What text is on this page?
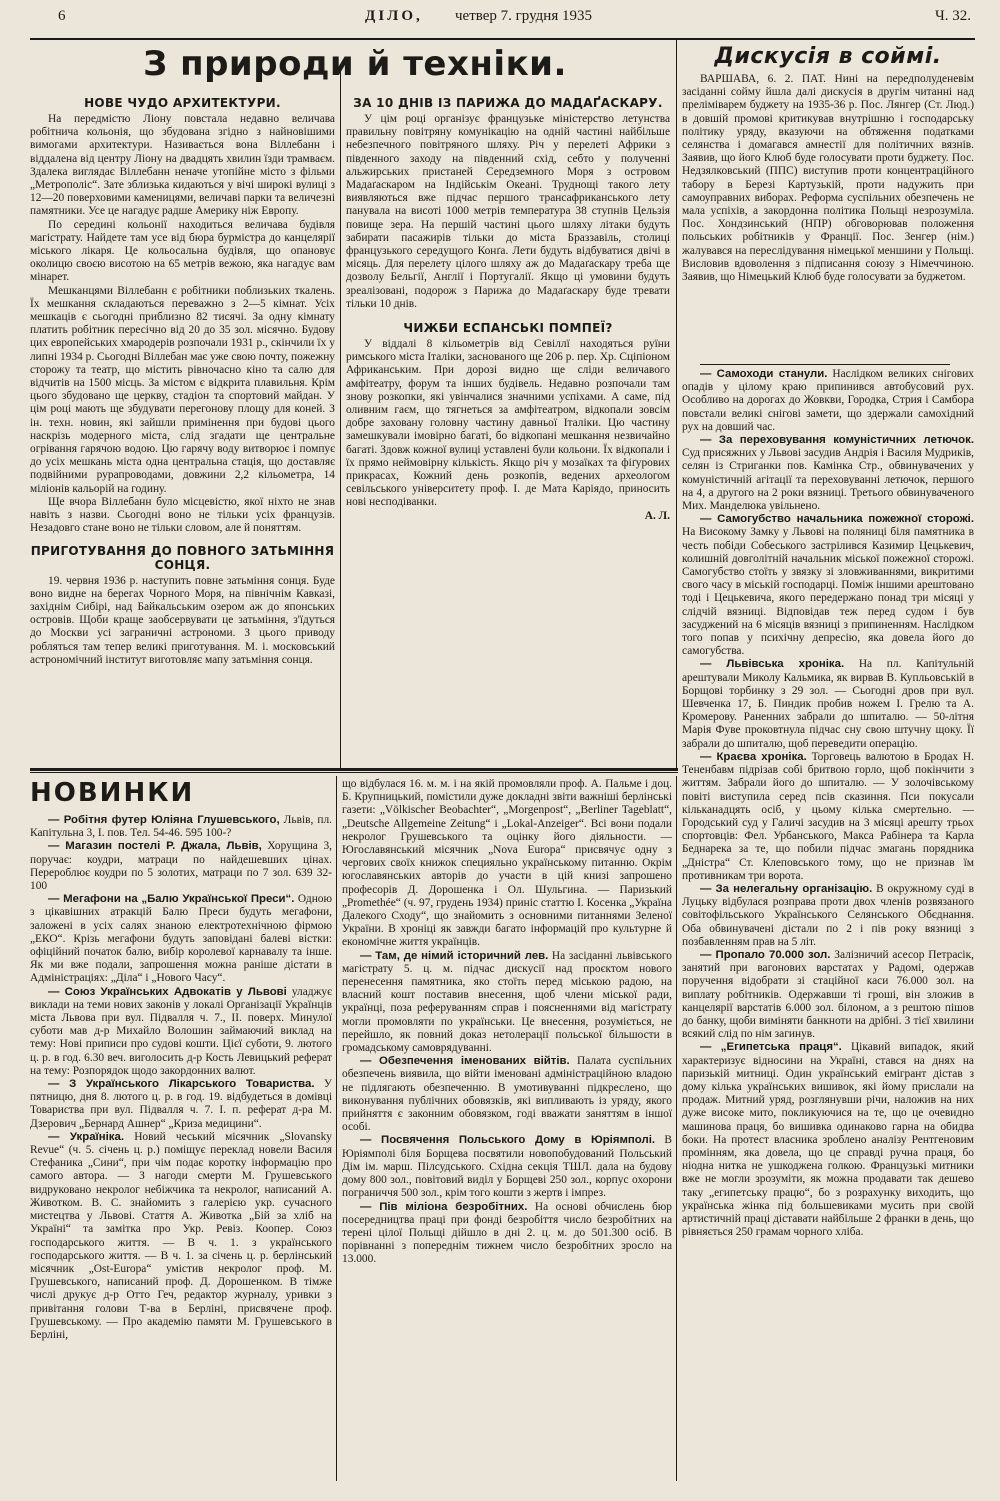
6	ДІЛО, четвер 7. грудня 1935	Ч. 32.
З природи й техніки.
НОВЕ ЧУДО АРХИТЕКТУРИ.

На передмістю Ліону повстала недавно величава робітнича кольонія, що збудована згідно з найновішими вимогами архитектури. Називається вона Віллебанн і віддалена від центру Ліону на двадцять хвилин їзди трамваєм. Здалека виглядає Віллебанн неначе утопійне місто з фільми „Метрополіс“. Зате зблизька кидаються у вічі широкі вулиці з 12—20 поверховими каменицями, величаві парки та величезні памятники. Усе це нагадує радше Америку ніж Европу.

По середині кольонії находиться величава будівля магістрату. Найдете там усе від бюра бурмістра до канцелярії міського лікаря. Це кольосальна будівля, що опановує околицю своєю висотою на 65 метрів вежою, яка нагадує вам мінарет.

Мешканцями Віллебанн є робітники поблизьких ткалень. Їх мешкання складаються переважно з 2—5 кімнат. Усіх мешкаців є сьогодні приблизно 82 тисячі. За одну кімнату платить робітник пересічно від 20 до 35 зол. місячно. Будову цих европейських хмародерів розпочали 1931 р., скінчили їх у липні 1934 р. Сьогодні Віллебан має уже свою почту, пожежну сторожу та театр, що містить рівночасно кіно та салю для відчитів на 1500 місць. За містом є відкрита плавильня. Крім цього збудовано ще церкву, стадіон та спортовий майдан. У цім році мають ще збудувати перегонову площу для коней. З ін. техн. новин, які зайшли примінення при будові цього наскрізь модерного міста, слід згадати ще центральне огрівання гарячою водою. Цю гарячу воду витворює і помпує до усіх мешкань міста одна центральна стація, що доставляє подвійними рурапроводами, довжини 2,2 кільометра, 14 міліонів кальорій на годину.

Ще вчора Віллебанн було місцевістю, якої ніхто не знав навіть з назви. Сьогодні воно не тільки усіх французів. Незадовго стане воно не тільки словом, але й поняттям.

ПРИГОТУВАННЯ ДО ПОВНОГО ЗАТЬМІННЯ СОНЦЯ.

19. червня 1936 р. наступить повне затьміння сонця. Буде воно видне на берегах Чорного Моря, на північнім Кавказі, західнім Сибірі, над Байкальським озером аж до японських островів. Щоби краще заобсервувати це затьміння, з'їдуться до Москви усі заграничні астрономи. З цього приводу робляться там тепер великі приготування. М. і. московський астрономічний інститут виготовляє мапу затьміння сонця.

ЗА 10 ДНІВ ІЗ ПАРИЖА ДО МАДАҐАСКАРУ.

У цім році організує французьке міністерство летунства правильну повітряну комунікацію на одній частині найбільше небезпечного повітряного шляху. Річ у перелеті Африки з південного заходу на південний схід, себто у полученні альжирських пристаней Середземного Моря з островом Мадаґаскаром на Індійськім Океані. Труднощі такого лету виявляються вже підчас першого трансафриканського лету панувала на висоті 1000 метрів температура 38 ступнів Цельзія повище зера. На першій частині цього шляху літаки будуть забирати пасажирів тільки до міста Браззавіль, столиці французького середущого Конґа. Лети будуть відбуватися двічі в місяць. Для перелету цілого шляху аж до Мадаґаскару треба ще дозволу Бельгії, Англії і Португалії. Якщо ці умовини будуть зреалізовані, подорож з Парижа до Мадаґаскару буде тревати тільки 10 днів.

ЧИЖБИ ЕСПАНСЬКІ ПОМПЕЇ?

У віддалі 8 кільометрів від Севіллї находяться руїни римського міста Італіки, заснованого ще 206 р. пер. Хр. Сціпіоном Африканським. При дорозі видно ще сліди величавого амфітеатру, форум та інших будівель. Недавно розпочали там знову розкопки, які увінчалися значними успіхами. А саме, під оливним гаєм, що тягнеться за амфітеатром, відкопали зовсім добре заховану головну частину давньої Італіки. Цю частину замешкували імовірно багаті, бо відкопані мешкання незвичайно багаті. Здовж кожної вулиці уставлені були кольони. Їх відкопали і їх прямо неймовірну кількість. Якщо річ у мозаїках та фіґурових прикрасах, Кожний день розкопів, ведених археологом севільського університету проф. І. де Мата Каріядо, приносить нові несподіванки.

А. Л.
Дискусія в соймі.

ВАРШАВА, 6. 2. ПАТ. Нині на передполуденевім засіданні сойму йшла далі дискусія в другім читанні над преліміварем буджету на 1935-36 р. Пос. Лянгер (Ст. Люд.) в довшій промові критикував внутрішню і господарську політику уряду, вказуючи на обтяження податками селянства і домагався амнестії для політичних вязнів. Заявив, що його Клюб буде голосувати проти буджету. Пос. Недзялковський (ППС) виступив проти концентраційного табору в Березі Картузькій, проти надужить при самоуправних виборах. Реформа суспільних обезпечень не мала успіхів, а закордонна політика Польщі незрозуміла. Пос. Хондзинський (НПР) обговорював положення польських робітників у Франції. Пос. Зенгер (нім.) жалувався на переслідування німецької меншини у Польщі. Висловив вдоволення з підписання союзу з Німеччиною. Заявив, що Німецький Клюб буде голосувати за буджетом.

— Самоходи станули. Наслідком великих снігових опадів у цілому краю припинився автобусовий рух. Особливо на дорогах до Жовкви, Городка, Стрия і Самбора повстали великі снігові замети, що здержали самохідний рух на довший час.

— За переховування комуністичних летючок. Суд присяжних у Львові засудив Андрія і Василя Мудриків, селян із Стриганки пов. Камінка Стр., обвинувачених у комуністичній агітації та переховуванні летючок, першого на 4, а другого на 2 роки вязниці. Третього обвинуваченого Мих. Манделюка увільнено.

— Самогубство начальника пожежної сторожі. На Високому Замку у Львові на поляниці біля памятника в честь побіди Собеського застрілився Казимир Цецькевич, колишній довголітній начальник міської пожежної сторожі. Самогубство стоїть у звязку зі зловживаннями, викритими свого часу в міській господарці. Поміж іншими арештовано тоді і Цецькевича, якого передержано понад три місяці у слідчій вязниці. Відповідав теж перед судом і був засуджений на 6 місяців вязниці з припиненням. Наслідком того попав у психічну депресію, яка довела його до самогубства.

— Львівська хроніка. На пл. Капітульній арештували Миколу Кальмика, як вирвав В. Купльовській в Борщові торбинку з 29 зол. — Сьогодні дров при вул. Шевченка 17, Б. Пиндик пробив ножем І. Грелю та А. Кромерову. Раненних забрали до шпиталю. — 50-літня Марія Фуве проковтнула підчас сну свою штучну щоку. Її забрали до шпиталю, щоб переведити операцію.

— Краєва хроніка. Торговець валютою в Бродах Н. Тененбавм підрізав собі бритвою горло, щоб покінчити з життям. Забрали його до шпиталю. — У золочівському повіті виступила серед псів сказиння. Пси покусали кільканадцять осіб, у цьому кілька смертельно. — Городський суд у Галичі засудив на 3 місяці арешту трьох спортовців: Фел. Урбанського, Макса Рабінера та Карла Беднарека за те, що побили підчас змагань порядника „Дністра“ Ст. Клеповського тому, що не признав їм противникам три ворота.

— За нелегальну організацію. В окружному суді в Луцьку відбулася розправа проти двох членів розвязаного совітофільського Українського Селянського Обєднання. Оба обвинувачені дістали по 2 і пів року вязниці з позбавленням прав на 5 літ.

— Пропало 70.000 зол. Залізничий асесор Петрасік, занятий при вагонових варстатах у Радомі, одержав поручення відобрати зі стаційної каси 76.000 зол. на виплату робітників. Одержавши ті гроші, він зложив в канцелярії варстатів 6.000 зол. білоном, а з рештою пішов до банку, щоби виміняти банкноти на дрібні. З тієї хвилини всякий слід по нім загинув.

— „Египетська праця“. Цікавий випадок, який характеризує відносини на Україні, стався на днях на паризькій митниці. Один український емігрант дістав з дому кілька українських вишивок, які йому прислали на продаж. Митний уряд, розглянувши річи, наложив на них дуже високе мито, покликуючися на те, що це очевидно машинова праця, бо вишивка одинаково гарна на обидва боки. На протест власника зроблено аналізу Рентгеновим промінням, яка довела, що це справді ручна праця, бо ніодна нитка не ушкоджена голкою. Французькі митники вже не могли зрозуміти, як можна продавати так дешево таку „египетську працю“, бо з розрахунку виходить, що українська жінка під большевиками мусить при своїй артистичній праці діставати найбільше 2 франки в день, що рівняється 250 грамам чорного хліба.

НОВИНКИ

— Робітня футер Юліяна Глушевського, Львів, пл. Капітульна 3, І. пов. Тел. 54-46. 595 100-?

— Магазин постелі Р. Джала, Львів, Хорущина 3, поручає: коудри, матраци по найдешевших цінах. Перероблює коудри по 5 золотих, матраци по 7 зол. 639 32-100

— Мегафони на „Балю Української Преси“. Одною з цікавішних атракцій Балю Преси будуть мегафони, заложені в усіх салях знаною електротехнічною фірмою „ЕКО“. Крізь мегафони будуть заповідані балеві вістки: офіційний початок балю, вибір королевої карнавалу та інше. Як ми вже подали, запрошення можна раніше дістати в Адміністраціях: „Діла“ і „Нового Часу“.

— Союз Українських Адвокатів у Львові уладжує виклади на теми нових законів у локалі Організації Українців міста Львова при вул. Підвалля ч. 7., ІІ. поверх. Минулої суботи мав д-р Михайло Волошин займаючий виклад на тему: Нові приписи про судові кошти. Цієї суботи, 9. лютого ц. р. в год. 6.30 веч. виголосить д-р Кость Левицький реферат на тему: Розпорядок щодо закордонних валют.

— З Українського Лікарського Товариства. У пятницю, дня 8. лютого ц. р. в год. 19. відбудеться в домівці Товариства при вул. Підвалля ч. 7. І. п. реферат д-ра М. Дзерович „Бернард Ашнер“ „Криза медицини“.

— Україніка. Новий чеський місячник „Slovansky Revue“ (ч. 5. січень ц. р.) поміщує переклад новели Василя Стефаника „Сини“, при чім подає коротку інформацію про самого автора. — З нагоди смерти М. Грушевського видруковано некролог небіжчика та некролог, написаний А. Животком. В. С. знайомить з галерією укр. сучасного мистецтва у Львові. Стаття А. Животка „Бій за хліб на Україні“ та замітка про Укр. Ревіз. Коопер. Союз господарського життя. — В ч. 1. з українського господарського життя. — В ч. 1. за січень ц. р. берлінський місячник „Ost-Europa“ умістив некролог проф. М. Грушевського, написаний проф. Д. Дорошенком. В тімже числі друкує д-р Отто Геч, редактор журналу, уривки з привітання голови Т-ва в Берліні, присвячене проф. Грушевському. — Про академію памяти М. Грушевського в Берліні,

що відбулася 16. м. м. і на якій промовляли проф. А. Пальме і доц. Б. Крупницький, помістили дуже докладні звіти важніші берлінські газети: „Völkischer Beobachter“, „Morgenpost“, „Berliner Tageblatt“, „Deutsche Allgemeine Zeitung“ і „Lokal-Anzeiger“. Всі вони подали некролог Грушевського та оцінку його діяльности. — Югославянський місячник „Nova Europa“ присвячує одну з чергових своїх книжок специяльно українському питанню. Окрім югославянських авторів до участи в цій книзі запрошено професорів Д. Дорошенка і Ол. Шульгина. — Паризький „Promethée“ (ч. 97, грудень 1934) приніс статтю І. Косенка „Україна Далекого Сходу“, що знайомить з основними питаннями Зеленої України. В хроніці як завжди багато інформацій про культурне й економічне життя українців.

— Там, де німий історичний лев. На засіданні львівського магістрату 5. ц. м. підчас дискусії над проєктом нового перенесення памятника, яко стоїть перед міською радою, на власний кошт поставив внесення, щоб члени міської ради, українці, поза реферуванням справ і поясненнями від магістрату могли промовляти по українськи. Це внесення, розуміється, не перейшло, як повний доказ нетолерації польської більшости в громадському самоврядуванні.

— Обезпечення іменованих війтів. Палата суспільних обезпечень виявила, що війти іменовані адміністраційною владою не підлягають обезпеченню. В умотивуванні підкреслено, що виконування публічних обовязків, які випливають із уряду, якого прийняття є законним обовязком, годі вважати заняттям в іншої особі.

— Посвячення Польського Дому в Юріямполі. В Юріямполі біля Борщева посвятили новопобудований Польський Дім ім. марш. Пілсудського. Східна секція ТШЛ. дала на будову дому 800 зол., повітовий виділ у Борщеві 250 зол., корпус охорони пограниччя 500 зол., крім того кошти з жертв і імпрез.

— Пів міліона безробітних. На основі обчислень бюр посередництва праці при фонді безробіття число безробітних на терені цілої Польщі дійшло в дні 2. ц. м. до 501.300 осіб. В порівнанні з попереднім тижнем число безробітних зросло на 13.000.
